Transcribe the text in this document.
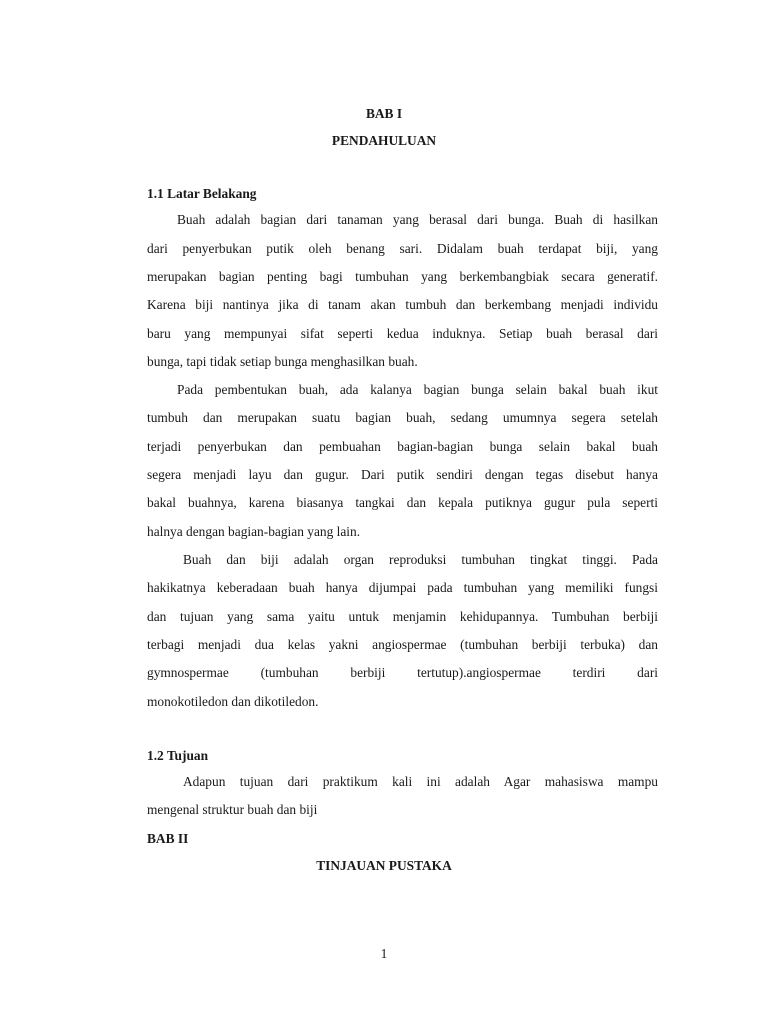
BAB I
PENDAHULUAN
1.1 Latar Belakang
Buah adalah bagian dari tanaman yang berasal dari bunga. Buah di hasilkan
dari penyerbukan putik oleh benang sari. Didalam buah terdapat biji, yang
merupakan bagian penting bagi tumbuhan yang berkembangbiak secara generatif.
Karena biji nantinya jika di tanam akan tumbuh dan berkembang menjadi individu
baru yang mempunyai sifat seperti kedua induknya. Setiap buah berasal dari
bunga, tapi tidak setiap bunga menghasilkan buah.
Pada pembentukan buah, ada kalanya bagian bunga selain bakal buah ikut
tumbuh dan merupakan suatu bagian buah, sedang umumnya segera setelah
terjadi penyerbukan dan pembuahan bagian-bagian bunga selain bakal buah
segera menjadi layu dan gugur. Dari putik sendiri dengan tegas disebut hanya
bakal buahnya, karena biasanya tangkai dan kepala putiknya gugur pula seperti
halnya dengan bagian-bagian yang lain.
Buah dan biji adalah organ reproduksi tumbuhan tingkat tinggi. Pada
hakikatnya keberadaan buah hanya dijumpai pada tumbuhan yang memiliki fungsi
dan tujuan yang sama yaitu untuk menjamin kehidupannya. Tumbuhan berbiji
terbagi menjadi dua kelas yakni angiospermae (tumbuhan berbiji terbuka) dan
gymnospermae (tumbuhan berbiji tertutup).angiospermae terdiri dari
monokotiledon dan dikotiledon.
1.2 Tujuan
Adapun tujuan dari praktikum kali ini adalah Agar mahasiswa mampu
mengenal struktur buah dan biji
BAB II
TINJAUAN PUSTAKA
1
